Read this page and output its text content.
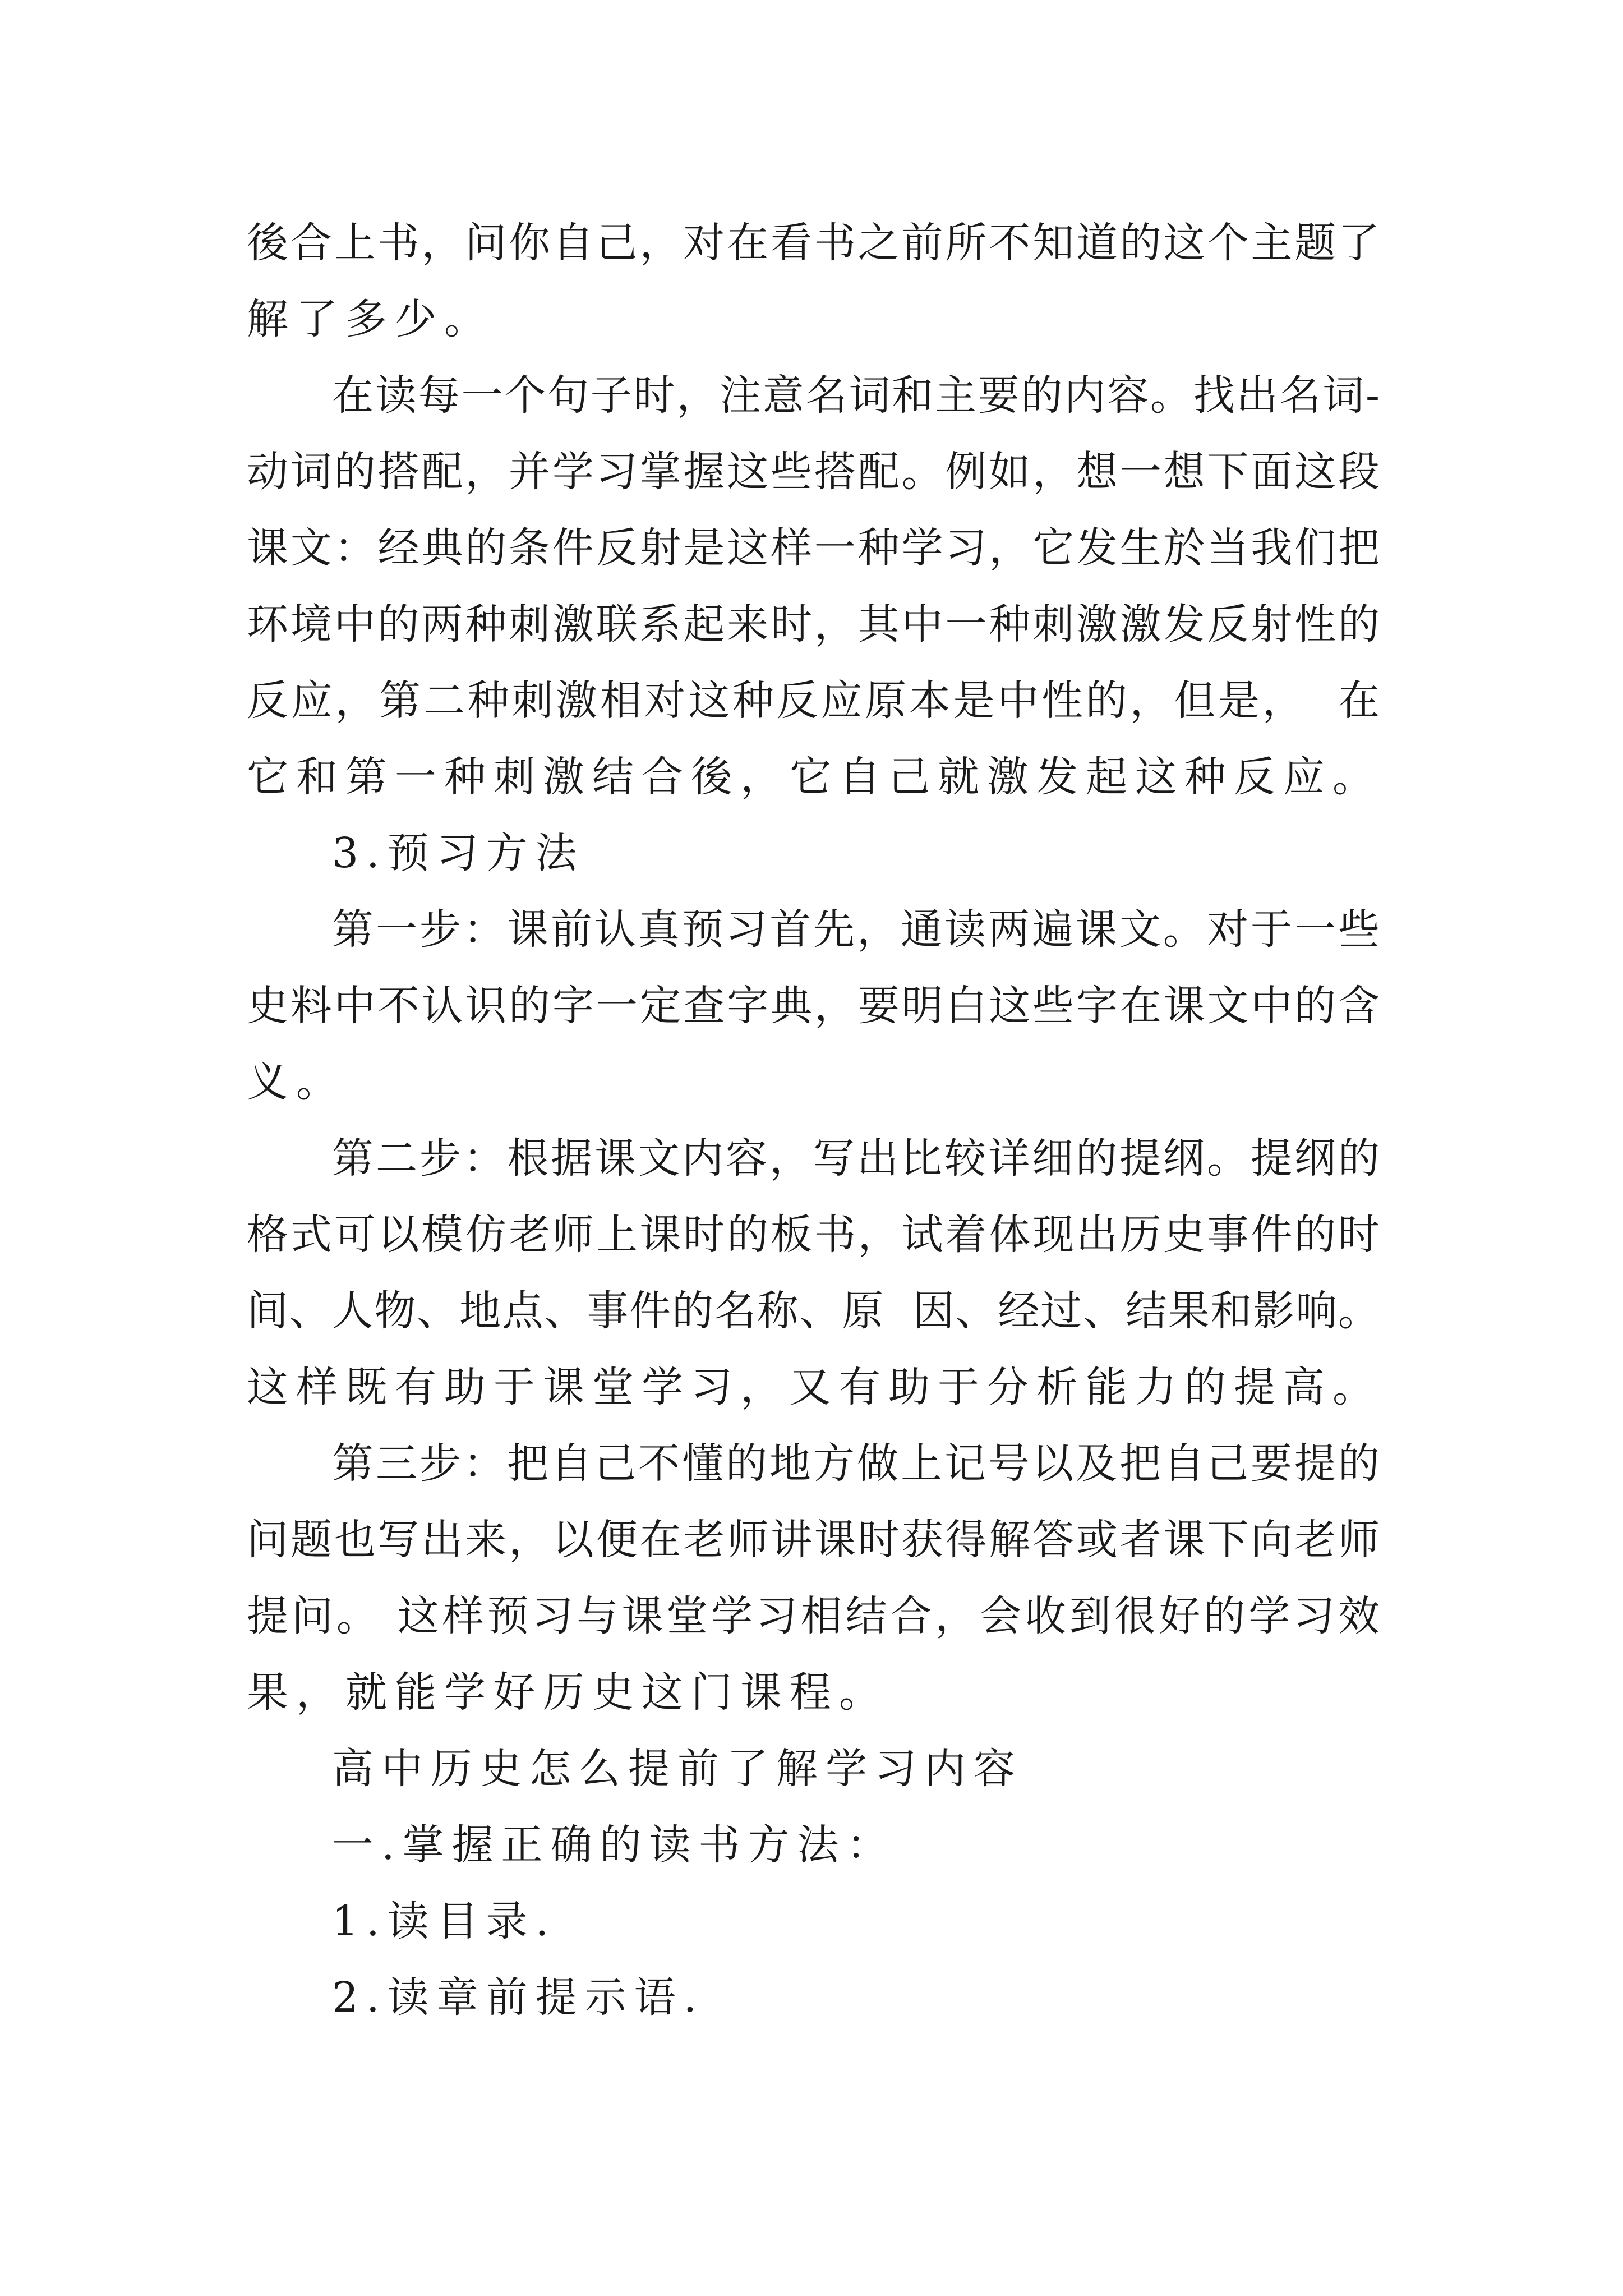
後合上书，问你自己，对在看书之前所不知道的这个主题了
解了多少。
在读每一个句子时，注意名词和主要的内容。找出名词-
动词的搭配，并学习掌握这些搭配。例如，想一想下面这段
课文：经典的条件反射是这样一种学习，它发生於当我们把
环境中的两种刺激联系起来时，其中一种刺激激发反射性的
反应，第二种刺激相对这种反应原本是中性的，但是，  在
它和第一种刺激结合後，它自己就激发起这种反应。
3.预习方法
第一步：课前认真预习首先，通读两遍课文。对于一些
史料中不认识的字一定查字典，要明白这些字在课文中的含
义。
第二步：根据课文内容，写出比较详细的提纲。提纲的
格式可以模仿老师上课时的板书，试着体现出历史事件的时
间、人物、地点、事件的名称、原  因、经过、结果和影响。
这样既有助于课堂学习，又有助于分析能力的提高。
第三步：把自己不懂的地方做上记号以及把自己要提的
问题也写出来，以便在老师讲课时获得解答或者课下向老师
提问。 这样预习与课堂学习相结合，会收到很好的学习效
果，就能学好历史这门课程。
高中历史怎么提前了解学习内容
一.掌握正确的读书方法：
1.读目录.
2.读章前提示语.
